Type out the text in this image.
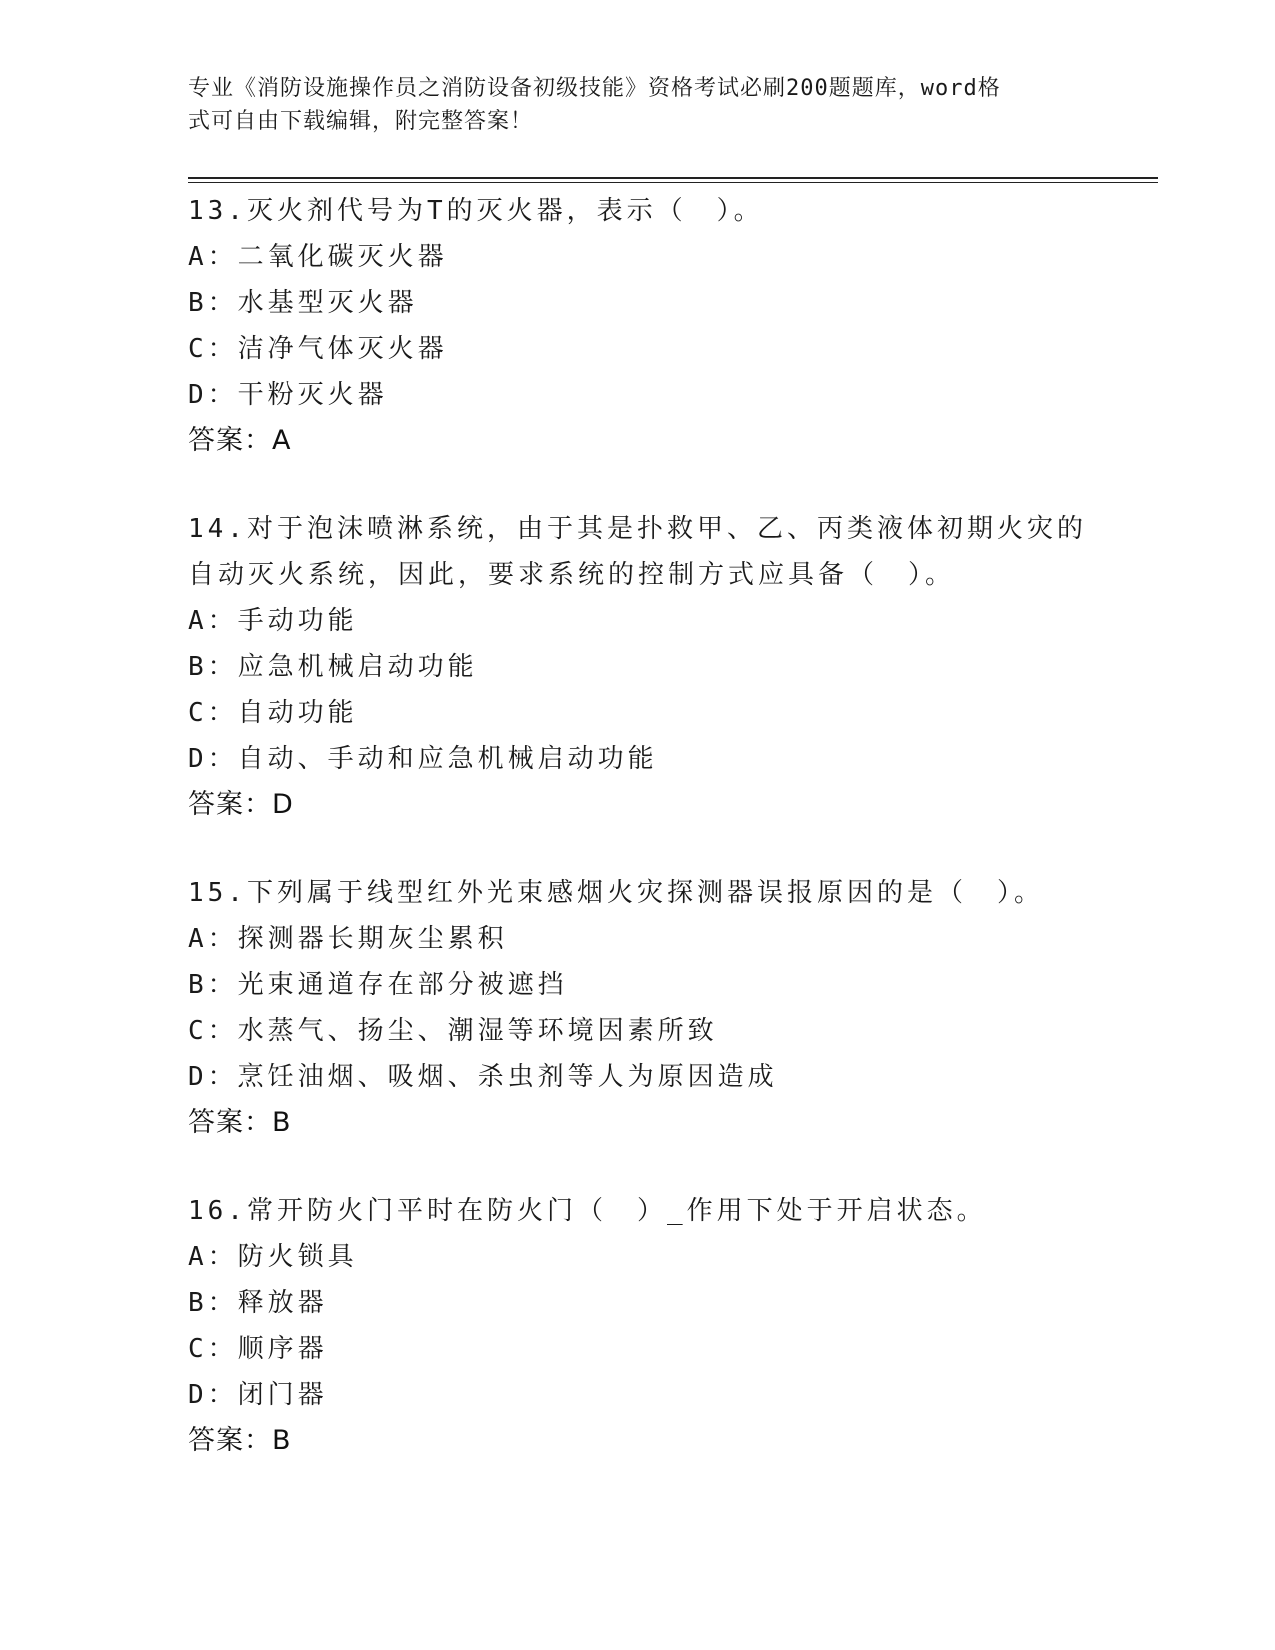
专业《消防设施操作员之消防设备初级技能》资格考试必刷200题题库，word格
式可自由下载编辑，附完整答案！
13.灭火剂代号为T的灭火器，表示（　）。
A：二氧化碳灭火器
B：水基型灭火器
C：洁净气体灭火器
D：干粉灭火器
答案：A
14.对于泡沫喷淋系统，由于其是扑救甲、乙、丙类液体初期火灾的自动灭火系统，因此，要求系统的控制方式应具备（　）。
A：手动功能
B：应急机械启动功能
C：自动功能
D：自动、手动和应急机械启动功能
答案：D
15.下列属于线型红外光束感烟火灾探测器误报原因的是（　）。
A：探测器长期灰尘累积
B：光束通道存在部分被遮挡
C：水蒸气、扬尘、潮湿等环境因素所致
D：烹饪油烟、吸烟、杀虫剂等人为原因造成
答案：B
16.常开防火门平时在防火门（　）_作用下处于开启状态。
A：防火锁具
B：释放器
C：顺序器
D：闭门器
答案：B
